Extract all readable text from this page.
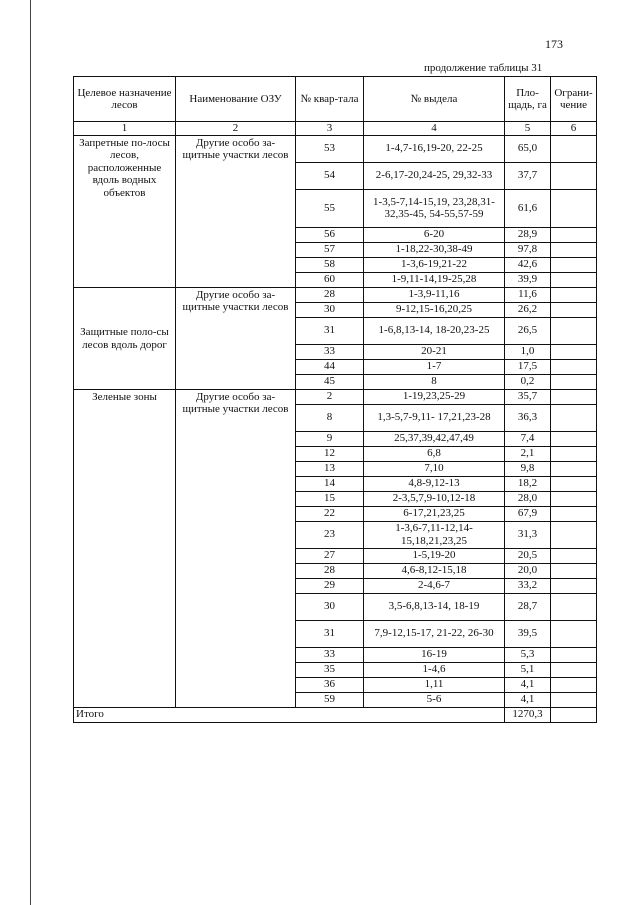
173
продолжение таблицы 31
Целевое назначение лесов	Наименование ОЗУ	№ квар-тала	№ выдела	Пло-щадь, га	Ограни-чение
1	2	3	4	5	6
Запретные по-лосы лесов, расположенные вдоль водных объектов	Другие особо за-щитные участки лесов	53	1-4,7-16,19-20, 22-25	65,0	
		54	2-6,17-20,24-25, 29,32-33	37,7	
		55	1-3,5-7,14-15,19, 23,28,31-32,35-45, 54-55,57-59	61,6	
		56	6-20	28,9	
		57	1-18,22-30,38-49	97,8	
		58	1-3,6-19,21-22	42,6	
		60	1-9,11-14,19-25,28	39,9	
Защитные поло-сы лесов вдоль дорог	Другие особо за-щитные участки лесов	28	1-3,9-11,16	11,6	
		30	9-12,15-16,20,25	26,2	
		31	1-6,8,13-14, 18-20,23-25	26,5	
		33	20-21	1,0	
		44	1-7	17,5	
		45	8	0,2	
Зеленые зоны	Другие особо за-щитные участки лесов	2	1-19,23,25-29	35,7	
		8	1,3-5,7-9,11- 17,21,23-28	36,3	
		9	25,37,39,42,47,49	7,4	
		12	6,8	2,1	
		13	7,10	9,8	
		14	4,8-9,12-13	18,2	
		15	2-3,5,7,9-10,12-18	28,0	
		22	6-17,21,23,25	67,9	
		23	1-3,6-7,11-12,14- 15,18,21,23,25	31,3	
		27	1-5,19-20	20,5	
		28	4,6-8,12-15,18	20,0	
		29	2-4,6-7	33,2	
		30	3,5-6,8,13-14, 18-19	28,7	
		31	7,9-12,15-17, 21-22, 26-30	39,5	
		33	16-19	5,3	
		35	1-4,6	5,1	
		36	1,11	4,1	
		59	5-6	4,1	
Итого				1270,3	
